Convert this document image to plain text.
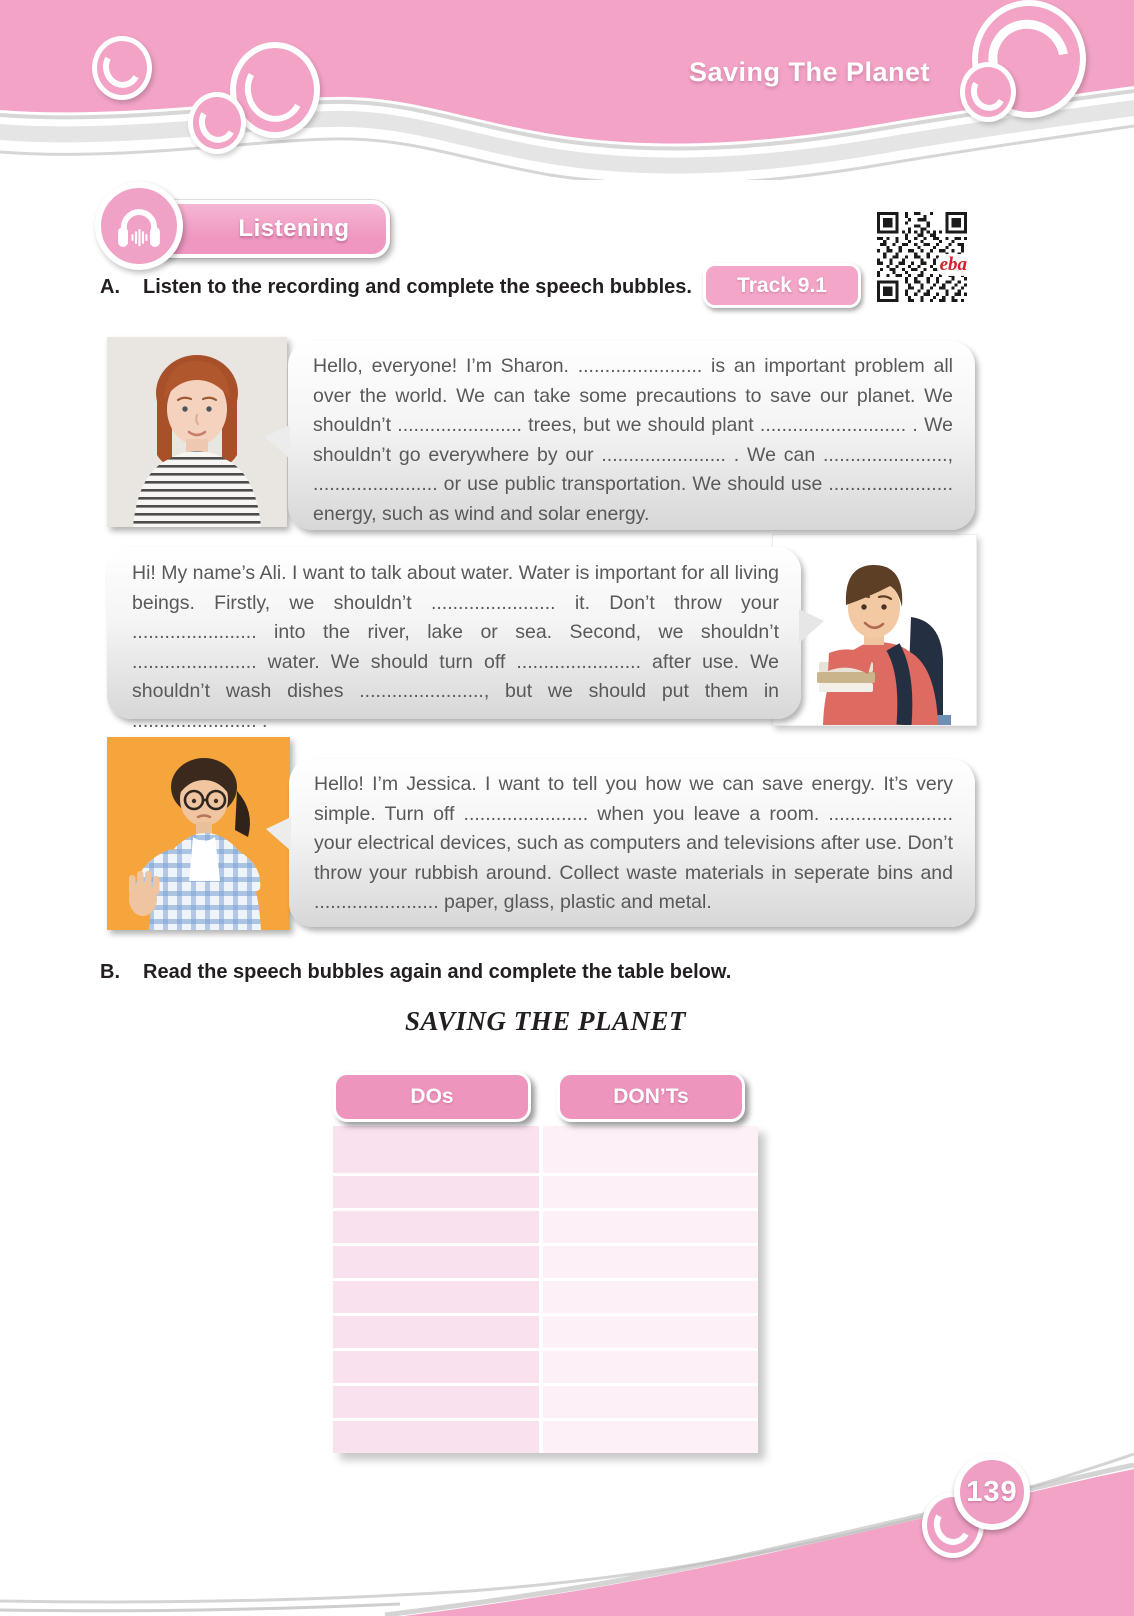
Saving The Planet
Listening
A. Listen to the recording and complete the speech bubbles. Track 9.1
eba

Hello, everyone! I’m Sharon. ....................... is an important problem all over the world. We can take some precautions to save our planet. We shouldn’t ....................... trees, but we should plant ........................... . We shouldn’t go everywhere by our ....................... . We can ......................., ....................... or use public transportation. We should use ....................... energy, such as wind and solar energy.

Hi! My name’s Ali. I want to talk about water. Water is important for all living beings. Firstly, we shouldn’t ....................... it. Don’t throw your ....................... into the river, lake or sea. Second, we shouldn’t ....................... water. We should turn off ....................... after use. We shouldn’t wash dishes ......................., but we should put them in ....................... .

Hello! I’m Jessica. I want to tell you how we can save energy. It’s very simple. Turn off ....................... when you leave a room. ....................... your electrical devices, such as computers and televisions after use. Don’t throw your rubbish around. Collect waste materials in seperate bins and ....................... paper, glass, plastic and metal.

B. Read the speech bubbles again and complete the table below.
SAVING THE PLANET
DOs	DON’Ts
139
